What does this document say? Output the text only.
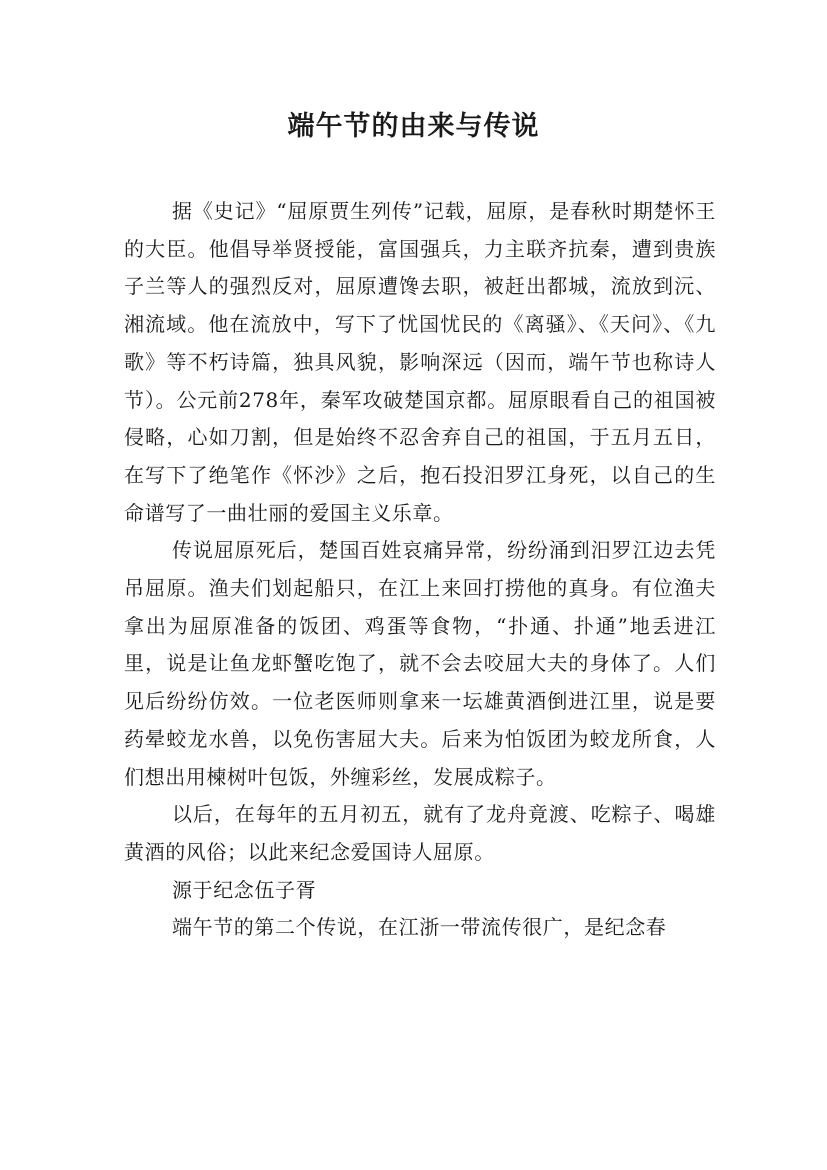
端午节的由来与传说

据《史记》“屈原贾生列传”记载，屈原，是春秋时期楚怀王的大臣。他倡导举贤授能，富国强兵，力主联齐抗秦，遭到贵族子兰等人的强烈反对，屈原遭馋去职，被赶出都城，流放到沅、湘流域。他在流放中，写下了忧国忧民的《离骚》、《天问》、《九歌》等不朽诗篇，独具风貌，影响深远（因而，端午节也称诗人节）。公元前278年，秦军攻破楚国京都。屈原眼看自己的祖国被侵略，心如刀割，但是始终不忍舍弃自己的祖国，于五月五日，在写下了绝笔作《怀沙》之后，抱石投汨罗江身死，以自己的生命谱写了一曲壮丽的爱国主义乐章。

传说屈原死后，楚国百姓哀痛异常，纷纷涌到汨罗江边去凭吊屈原。渔夫们划起船只，在江上来回打捞他的真身。有位渔夫拿出为屈原准备的饭团、鸡蛋等食物，“扑通、扑通”地丢进江里，说是让鱼龙虾蟹吃饱了，就不会去咬屈大夫的身体了。人们见后纷纷仿效。一位老医师则拿来一坛雄黄酒倒进江里，说是要药晕蛟龙水兽，以免伤害屈大夫。后来为怕饭团为蛟龙所食，人们想出用楝树叶包饭，外缠彩丝，发展成粽子。

以后，在每年的五月初五，就有了龙舟竟渡、吃粽子、喝雄黄酒的风俗；以此来纪念爱国诗人屈原。

源于纪念伍子胥

端午节的第二个传说，在江浙一带流传很广，是纪念春
